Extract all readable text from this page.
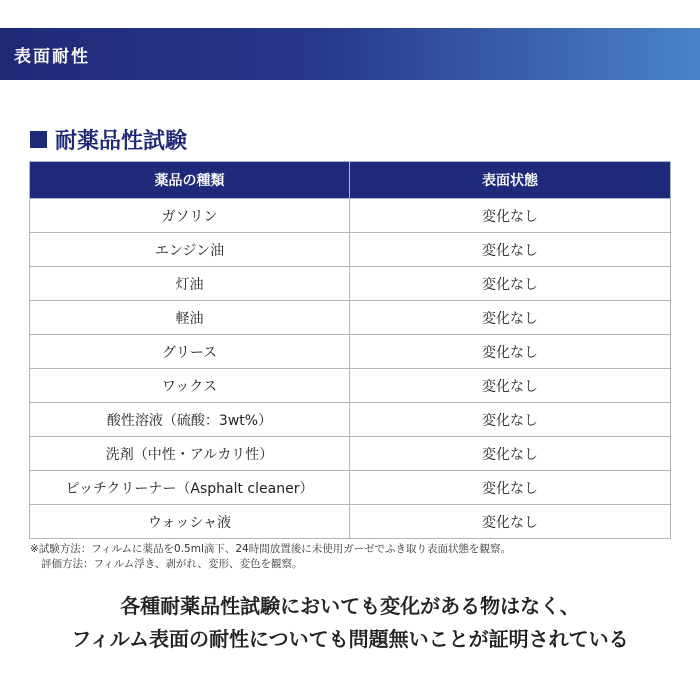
表面耐性
耐薬品性試験
薬品の種類	表面状態
ガソリン	変化なし
エンジン油	変化なし
灯油	変化なし
軽油	変化なし
グリース	変化なし
ワックス	変化なし
酸性溶液（硫酸：3wt%）	変化なし
洗剤（中性・アルカリ性）	変化なし
ピッチクリーナー（Asphalt cleaner）	変化なし
ウォッシャ液	変化なし
※試験方法：フィルムに薬品を0.5ml滴下、24時間放置後に未使用ガーゼでふき取り表面状態を観察。
評価方法：フィルム浮き、剥がれ、変形、変色を観察。
各種耐薬品性試験においても変化がある物はなく、
フィルム表面の耐性についても問題無いことが証明されている
